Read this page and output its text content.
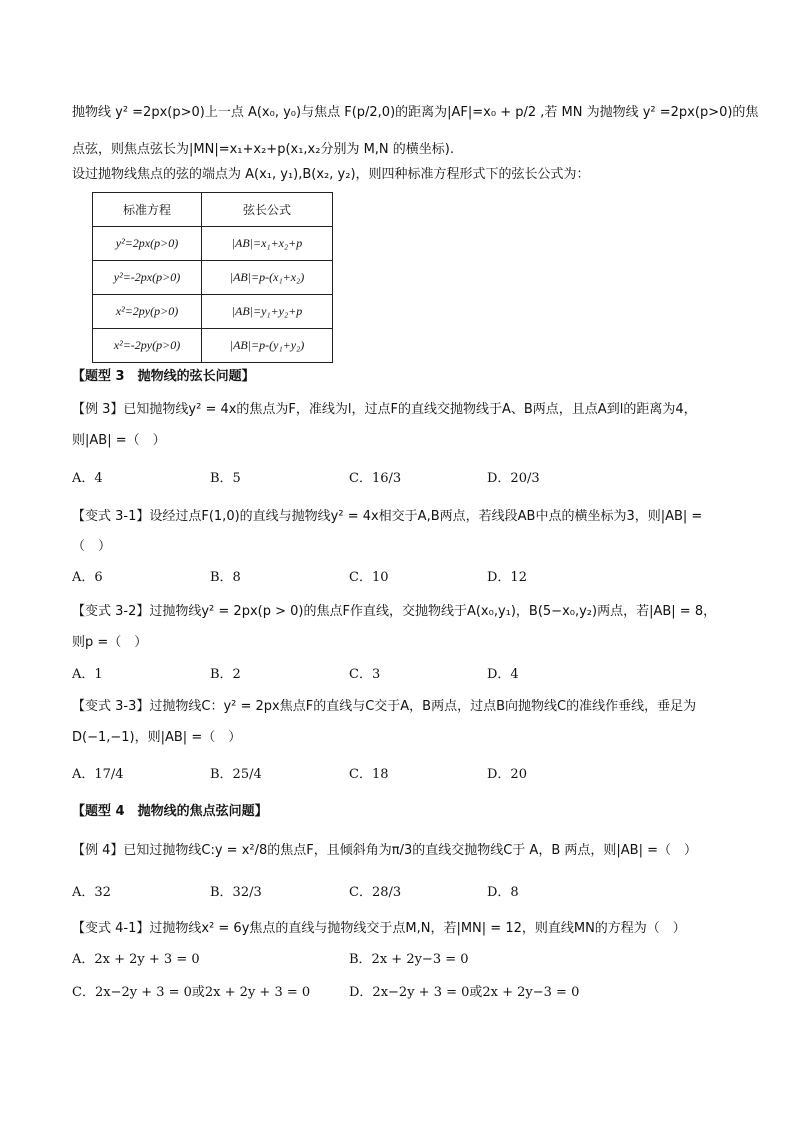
抛物线 y² =2px(p>0)上一点 A(x₀, y₀)与焦点 F(p/2,0)的距离为|AF|=x₀ + p/2 ,若 MN 为抛物线 y² =2px(p>0)的焦
点弦，则焦点弦长为|MN|=x₁+x₂+p(x₁,x₂分别为 M,N 的横坐标).
设过抛物线焦点的弦的端点为 A(x₁, y₁),B(x₂, y₂)，则四种标准方程形式下的弦长公式为：
标准方程	弦长公式
y²=2px(p>0)	|AB|=x₁+x₂+p
y²=-2px(p>0)	|AB|=p-(x₁+x₂)
x²=2py(p>0)	|AB|=y₁+y₂+p
x²=-2py(p>0)	|AB|=p-(y₁+y₂)
【题型 3　抛物线的弦长问题】
【例 3】已知抛物线y² = 4x的焦点为F，准线为l，过点F的直线交抛物线于A、B两点，且点A到l的距离为4，
则|AB| =（　）
A．4	B．5	C．16/3	D．20/3
【变式 3-1】设经过点F(1,0)的直线与抛物线y² = 4x相交于A,B两点，若线段AB中点的横坐标为3，则|AB| =
（　）
A．6	B．8	C．10	D．12
【变式 3-2】过抛物线y² = 2px(p > 0)的焦点F作直线，交抛物线于A(x₀,y₁)，B(5−x₀,y₂)两点，若|AB| = 8，
则p =（　）
A．1	B．2	C．3	D．4
【变式 3-3】过抛物线C：y² = 2px焦点F的直线与C交于A，B两点，过点B向抛物线C的准线作垂线，垂足为
D(−1,−1)，则|AB| =（　）
A．17/4	B．25/4	C．18	D．20
【题型 4　抛物线的焦点弦问题】
【例 4】已知过抛物线C:y = x²/8的焦点F，且倾斜角为π/3的直线交抛物线C于 A，B 两点，则|AB| =（　）
A．32	B．32/3	C．28/3	D．8
【变式 4-1】过抛物线x² = 6y焦点的直线与抛物线交于点M,N，若|MN| = 12，则直线MN的方程为（　）
A．2x + 2y + 3 = 0	B．2x + 2y−3 = 0
C．2x−2y + 3 = 0或2x + 2y + 3 = 0	D．2x−2y + 3 = 0或2x + 2y−3 = 0
